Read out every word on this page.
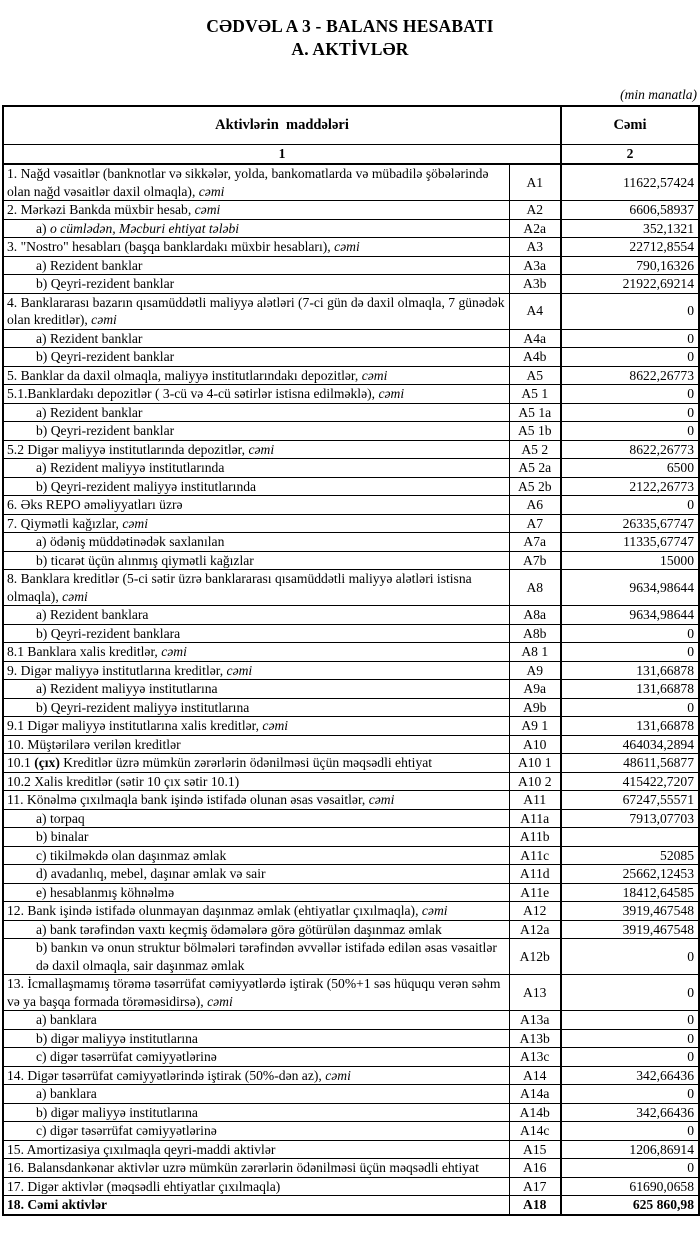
CƏDVƏL A 3 - BALANS HESABATI
A. AKTİVLƏR
(min manatla)
Aktivlərin  maddələri		Cəmi
1		2
1. Nağd vəsaitlər (banknotlar və sikkələr, yolda, bankomatlarda və mübadilə şöbələrində olan nağd vəsaitlər daxil olmaqla), cəmi	A1	11622,57424
2. Mərkəzi Bankda müxbir hesab, cəmi	A2	6606,58937
a) o cümlədən, Məcburi ehtiyat tələbi	A2a	352,1321
3. "Nostro" hesabları (başqa banklardakı müxbir hesabları), cəmi	A3	22712,8554
a) Rezident banklar	A3a	790,16326
b) Qeyri-rezident banklar	A3b	21922,69214
4. Banklararası bazarın qısamüddətli maliyyə alətləri (7-ci gün də daxil olmaqla, 7 günədək olan kreditlər), cəmi	A4	0
a) Rezident banklar	A4a	0
b) Qeyri-rezident banklar	A4b	0
5. Banklar da daxil olmaqla, maliyyə institutlarındakı depozitlər, cəmi	A5	8622,26773
5.1.Banklardakı depozitlər ( 3-cü və 4-cü sətirlər istisna edilməklə), cəmi	A5 1	0
a) Rezident banklar	A5 1a	0
b) Qeyri-rezident banklar	A5 1b	0
5.2 Digər maliyyə institutlarında depozitlər, cəmi	A5 2	8622,26773
a) Rezident maliyyə institutlarında	A5 2a	6500
b) Qeyri-rezident maliyyə institutlarında	A5 2b	2122,26773
6. Əks REPO əməliyyatları üzrə	A6	0
7. Qiymətli kağızlar, cəmi	A7	26335,67747
a) ödəniş müddətinədək saxlanılan	A7a	11335,67747
b) ticarət üçün alınmış qiymətli kağızlar	A7b	15000
8. Banklara kreditlər (5-ci sətir üzrə banklararası qısamüddətli maliyyə alətləri istisna olmaqla), cəmi	A8	9634,98644
a) Rezident banklara	A8a	9634,98644
b) Qeyri-rezident banklara	A8b	0
8.1 Banklara xalis kreditlər, cəmi	A8 1	0
9. Digər maliyyə institutlarına kreditlər, cəmi	A9	131,66878
a) Rezident maliyyə institutlarına	A9a	131,66878
b) Qeyri-rezident maliyyə institutlarına	A9b	0
9.1 Digər maliyyə institutlarına xalis kreditlər, cəmi	A9 1	131,66878
10. Müştərilərə verilən kreditlər	A10	464034,2894
10.1 (çıx) Kreditlər üzrə mümkün zərərlərin ödənilməsi üçün məqsədli ehtiyat	A10 1	48611,56877
10.2 Xalis kreditlər (sətir 10 çıx sətir 10.1)	A10 2	415422,7207
11. Könəlmə çıxılmaqla bank işində istifadə olunan əsas vəsaitlər, cəmi	A11	67247,55571
a) torpaq	A11a	7913,07703
b) binalar	A11b	
c) tikilməkdə olan daşınmaz əmlak	A11c	52085
d) avadanlıq, mebel, daşınar əmlak və sair	A11d	25662,12453
e) hesablanmış köhnəlmə	A11e	18412,64585
12. Bank işində istifadə olunmayan daşınmaz əmlak (ehtiyatlar çıxılmaqla), cəmi	A12	3919,467548
a) bank tərəfindən vaxtı keçmiş ödəmələrə görə götürülən daşınmaz əmlak	A12a	3919,467548
b) bankın və onun struktur bölmələri tərəfindən əvvəllər istifadə edilən əsas vəsaitlər də daxil olmaqla, sair daşınmaz əmlak	A12b	0
13. İcmallaşmamış törəmə təsərrüfat cəmiyyətlərdə iştirak (50%+1 səs hüququ verən səhm və ya başqa formada törəməsidirsə), cəmi	A13	0
a) banklara	A13a	0
b) digər maliyyə institutlarına	A13b	0
c) digər təsərrüfat cəmiyyətlərinə	A13c	0
14. Digər təsərrüfat cəmiyyətlərində iştirak (50%-dən az), cəmi	A14	342,66436
a) banklara	A14a	0
b) digər maliyyə institutlarına	A14b	342,66436
c) digər təsərrüfat cəmiyyətlərinə	A14c	0
15. Amortizasiya çıxılmaqla qeyri-maddi aktivlər	A15	1206,86914
16. Balansdankənar aktivlər uzrə mümkün zərərlərin ödənilməsi üçün məqsədli ehtiyat	A16	0
17. Digər aktivlər (məqsədli ehtiyatlar çıxılmaqla)	A17	61690,0658
18. Cəmi aktivlər	A18	625 860,98
